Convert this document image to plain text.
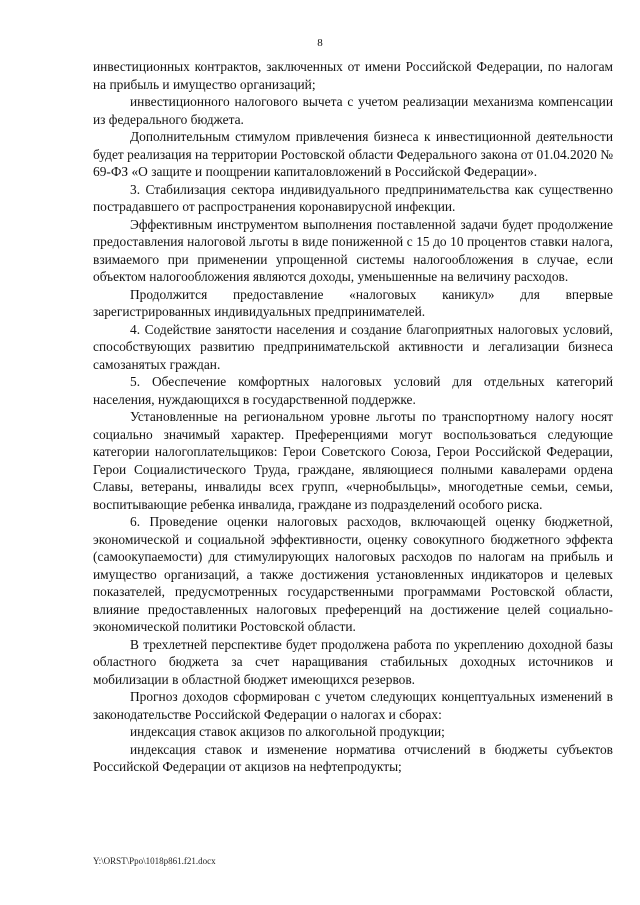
8

инвестиционных контрактов, заключенных от имени Российской Федерации, по налогам на прибыль и имущество организаций;

инвестиционного налогового вычета с учетом реализации механизма компенсации из федерального бюджета.

Дополнительным стимулом привлечения бизнеса к инвестиционной деятельности будет реализация на территории Ростовской области Федерального закона от 01.04.2020 № 69-ФЗ «О защите и поощрении капиталовложений в Российской Федерации».

3. Стабилизация сектора индивидуального предпринимательства как существенно пострадавшего от распространения коронавирусной инфекции.

Эффективным инструментом выполнения поставленной задачи будет продолжение предоставления налоговой льготы в виде пониженной с 15 до 10 процентов ставки налога, взимаемого при применении упрощенной системы налогообложения в случае, если объектом налогообложения являются доходы, уменьшенные на величину расходов.

Продолжится предоставление «налоговых каникул» для впервые зарегистрированных индивидуальных предпринимателей.

4. Содействие занятости населения и создание благоприятных налоговых условий, способствующих развитию предпринимательской активности и легализации бизнеса самозанятых граждан.

5. Обеспечение комфортных налоговых условий для отдельных категорий населения, нуждающихся в государственной поддержке.

Установленные на региональном уровне льготы по транспортному налогу носят социально значимый характер. Преференциями могут воспользоваться следующие категории налогоплательщиков: Герои Советского Союза, Герои Российской Федерации, Герои Социалистического Труда, граждане, являющиеся полными кавалерами ордена Славы, ветераны, инвалиды всех групп, «чернобыльцы», многодетные семьи, семьи, воспитывающие ребенка инвалида, граждане из подразделений особого риска.

6. Проведение оценки налоговых расходов, включающей оценку бюджетной, экономической и социальной эффективности, оценку совокупного бюджетного эффекта (самоокупаемости) для стимулирующих налоговых расходов по налогам на прибыль и имущество организаций, а также достижения установленных индикаторов и целевых показателей, предусмотренных государственными программами Ростовской области, влияние предоставленных налоговых преференций на достижение целей социально-экономической политики Ростовской области.

В трехлетней перспективе будет продолжена работа по укреплению доходной базы областного бюджета за счет наращивания стабильных доходных источников и мобилизации в областной бюджет имеющихся резервов.

Прогноз доходов сформирован с учетом следующих концептуальных изменений в законодательстве Российской Федерации о налогах и сборах:

индексация ставок акцизов по алкогольной продукции;

индексация ставок и изменение норматива отчислений в бюджеты субъектов Российской Федерации от акцизов на нефтепродукты;

Y:\ORST\Ppo\1018p861.f21.docx
